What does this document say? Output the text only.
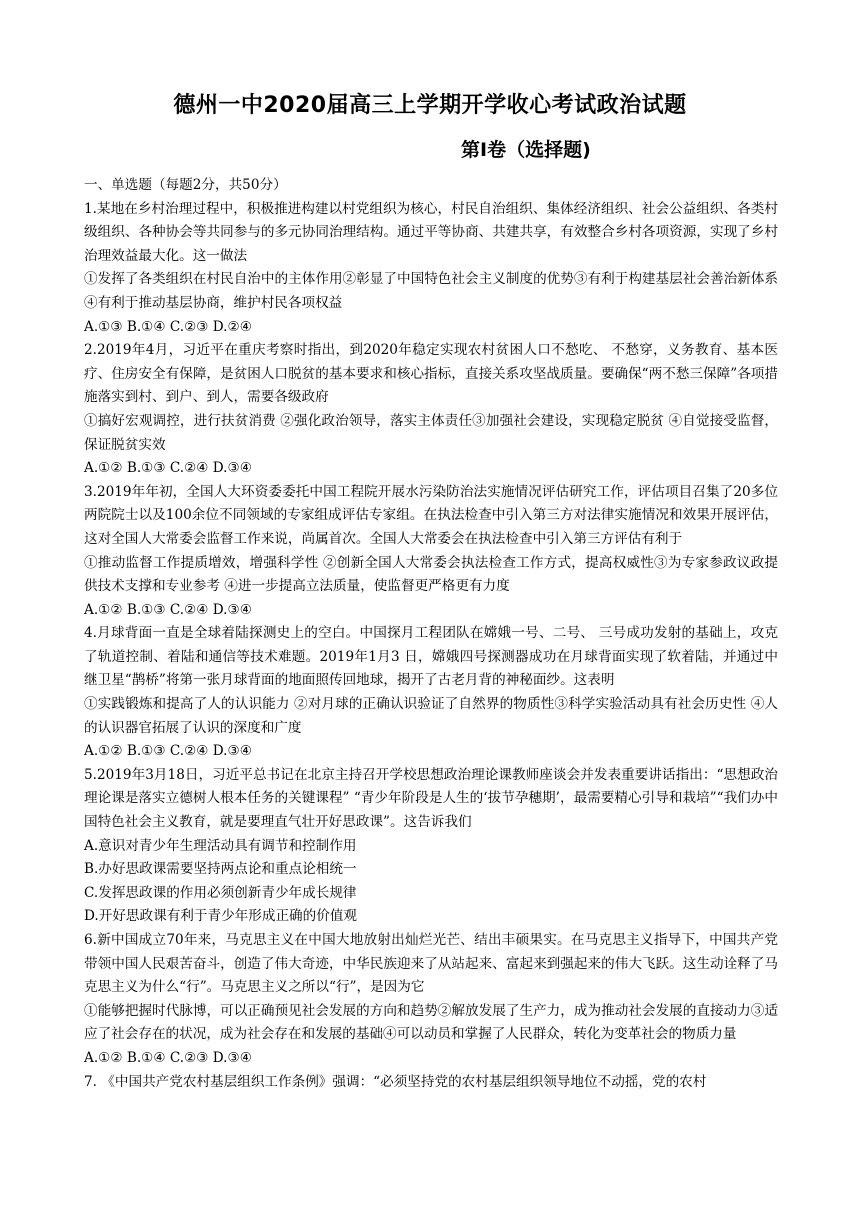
德州一中2020届高三上学期开学收心考试政治试题
第I卷（选择题)

一、单选题（每题2分，共50分）

1.某地在乡村治理过程中，积极推进构建以村党组织为核心，村民自治组织、集体经济组织、社会公益组织、各类村级组织、各种协会等共同参与的多元协同治理结构。通过平等协商、共建共享，有效整合乡村各项资源，实现了乡村治理效益最大化。这一做法

①发挥了各类组织在村民自治中的主体作用②彰显了中国特色社会主义制度的优势③有利于构建基层社会善治新体系④有利于推动基层协商，维护村民各项权益

A.①③ B.①④ C.②③ D.②④

2.2019年4月，习近平在重庆考察时指出，到2020年稳定实现农村贫困人口不愁吃、 不愁穿，义务教育、基本医疗、住房安全有保障，是贫困人口脱贫的基本要求和核心指标，直接关系攻坚战质量。要确保“两不愁三保障”各项措施落实到村、到户、到人，需要各级政府

①搞好宏观调控，进行扶贫消费 ②强化政治领导，落实主体责任③加强社会建设，实现稳定脱贫 ④自觉接受监督，保证脱贫实效

A.①② B.①③ C.②④ D.③④

3.2019年年初，全国人大环资委委托中国工程院开展水污染防治法实施情况评估研究工作，评估项目召集了20多位两院院士以及100余位不同领域的专家组成评估专家组。在执法检查中引入第三方对法律实施情况和效果开展评估，这对全国人大常委会监督工作来说，尚属首次。全国人大常委会在执法检查中引入第三方评估有利于

①推动监督工作提质增效，增强科学性 ②创新全国人大常委会执法检查工作方式，提高权威性③为专家参政议政提供技术支撑和专业参考 ④进一步提高立法质量，使监督更严格更有力度

A.①② B.①③ C.②④ D.③④

4.月球背面一直是全球着陆探测史上的空白。中国探月工程团队在嫦娥一号、二号、 三号成功发射的基础上，攻克了轨道控制、着陆和通信等技术难题。2019年1月3 日，嫦娥四号探测器成功在月球背面实现了软着陆，并通过中继卫星“鹊桥”将第一张月球背面的地面照传回地球，揭开了古老月背的神秘面纱。这表明

①实践锻炼和提高了人的认识能力 ②对月球的正确认识验证了自然界的物质性③科学实验活动具有社会历史性 ④人的认识器官拓展了认识的深度和广度

A.①② B.①③ C.②④ D.③④

5.2019年3月18日，习近平总书记在北京主持召开学校思想政治理论课教师座谈会并发表重要讲话指出：“思想政治理论课是落实立德树人根本任务的关键课程” “青少年阶段是人生的‘拔节孕穗期’，最需要精心引导和栽培”“我们办中国特色社会主义教育，就是要理直气壮开好思政课”。这告诉我们

A.意识对青少年生理活动具有调节和控制作用

B.办好思政课需要坚持两点论和重点论相统一

C.发挥思政课的作用必须创新青少年成长规律

D.开好思政课有利于青少年形成正确的价值观

6.新中国成立70年来，马克思主义在中国大地放射出灿烂光芒、结出丰硕果实。在马克思主义指导下，中国共产党带领中国人民艰苦奋斗，创造了伟大奇迹，中华民族迎来了从站起来、富起来到强起来的伟大飞跃。这生动诠释了马克思主义为什么“行”。马克思主义之所以“行”，是因为它

①能够把握时代脉博，可以正确预见社会发展的方向和趋势②解放发展了生产力，成为推动社会发展的直接动力③适应了社会存在的状况，成为社会存在和发展的基础④可以动员和掌握了人民群众，转化为变革社会的物质力量

A.①② B.①④ C.②③ D.③④

7. 《中国共产党农村基层组织工作条例》强调：“必须坚持党的农村基层组织领导地位不动摇，党的农村
